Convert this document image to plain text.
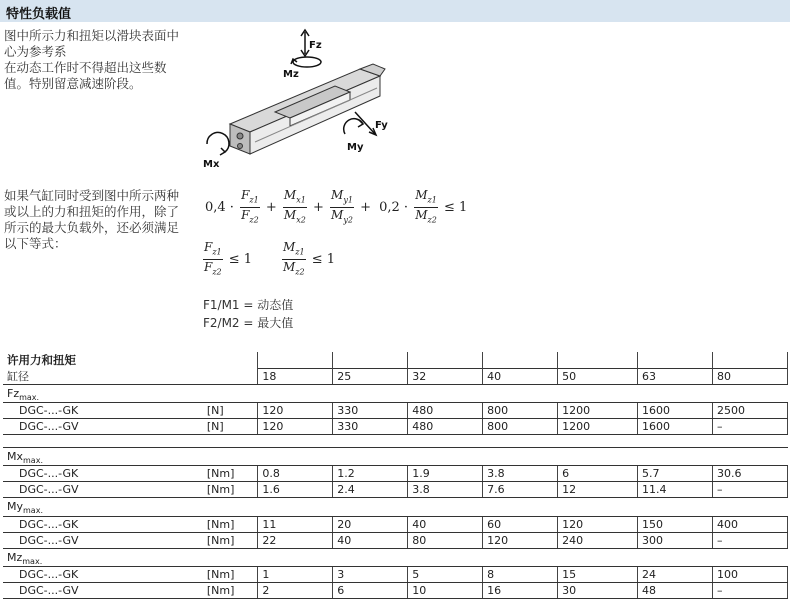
特性负载值
图中所示力和扭矩以滑块表面中
心为参考系
在动态工作时不得超出这些数
值。特别留意减速阶段。
Fz
Mz
Fy
My
Mx
如果气缸同时受到图中所示两种
或以上的力和扭矩的作用，除了
所示的最大负载外，还必须满足
以下等式：
$0,4 \cdot \frac{F_{z1}}{F_{z2}} + \frac{M_{x1}}{M_{x2}} + \frac{M_{y1}}{M_{y2}} + 0,2 \cdot \frac{M_{z1}}{M_{z2}} \le 1$
$\frac{F_{z1}}{F_{z2}} \le 1 \frac{M_{z1}}{M_{z2}} \le 1$
F1/M1 = 动态值
F2/M2 = 最大值
许用力和扭矩								
缸径		18	25	32	40	50	63	80
$Fz_{max.}$
DGC-...-GK	[N]	120	330	480	800	1200	1600	2500
DGC-...-GV	[N]	120	330	480	800	1200	1600	–

$Mx_{max.}$
DGC-...-GK	[Nm]	0.8	1.2	1.9	3.8	6	5.7	30.6
DGC-...-GV	[Nm]	1.6	2.4	3.8	7.6	12	11.4	–
$My_{max.}$
DGC-...-GK	[Nm]	11	20	40	60	120	150	400
DGC-...-GV	[Nm]	22	40	80	120	240	300	–
$Mz_{max.}$
DGC-...-GK	[Nm]	1	3	5	8	15	24	100
DGC-...-GV	[Nm]	2	6	10	16	30	48	–
